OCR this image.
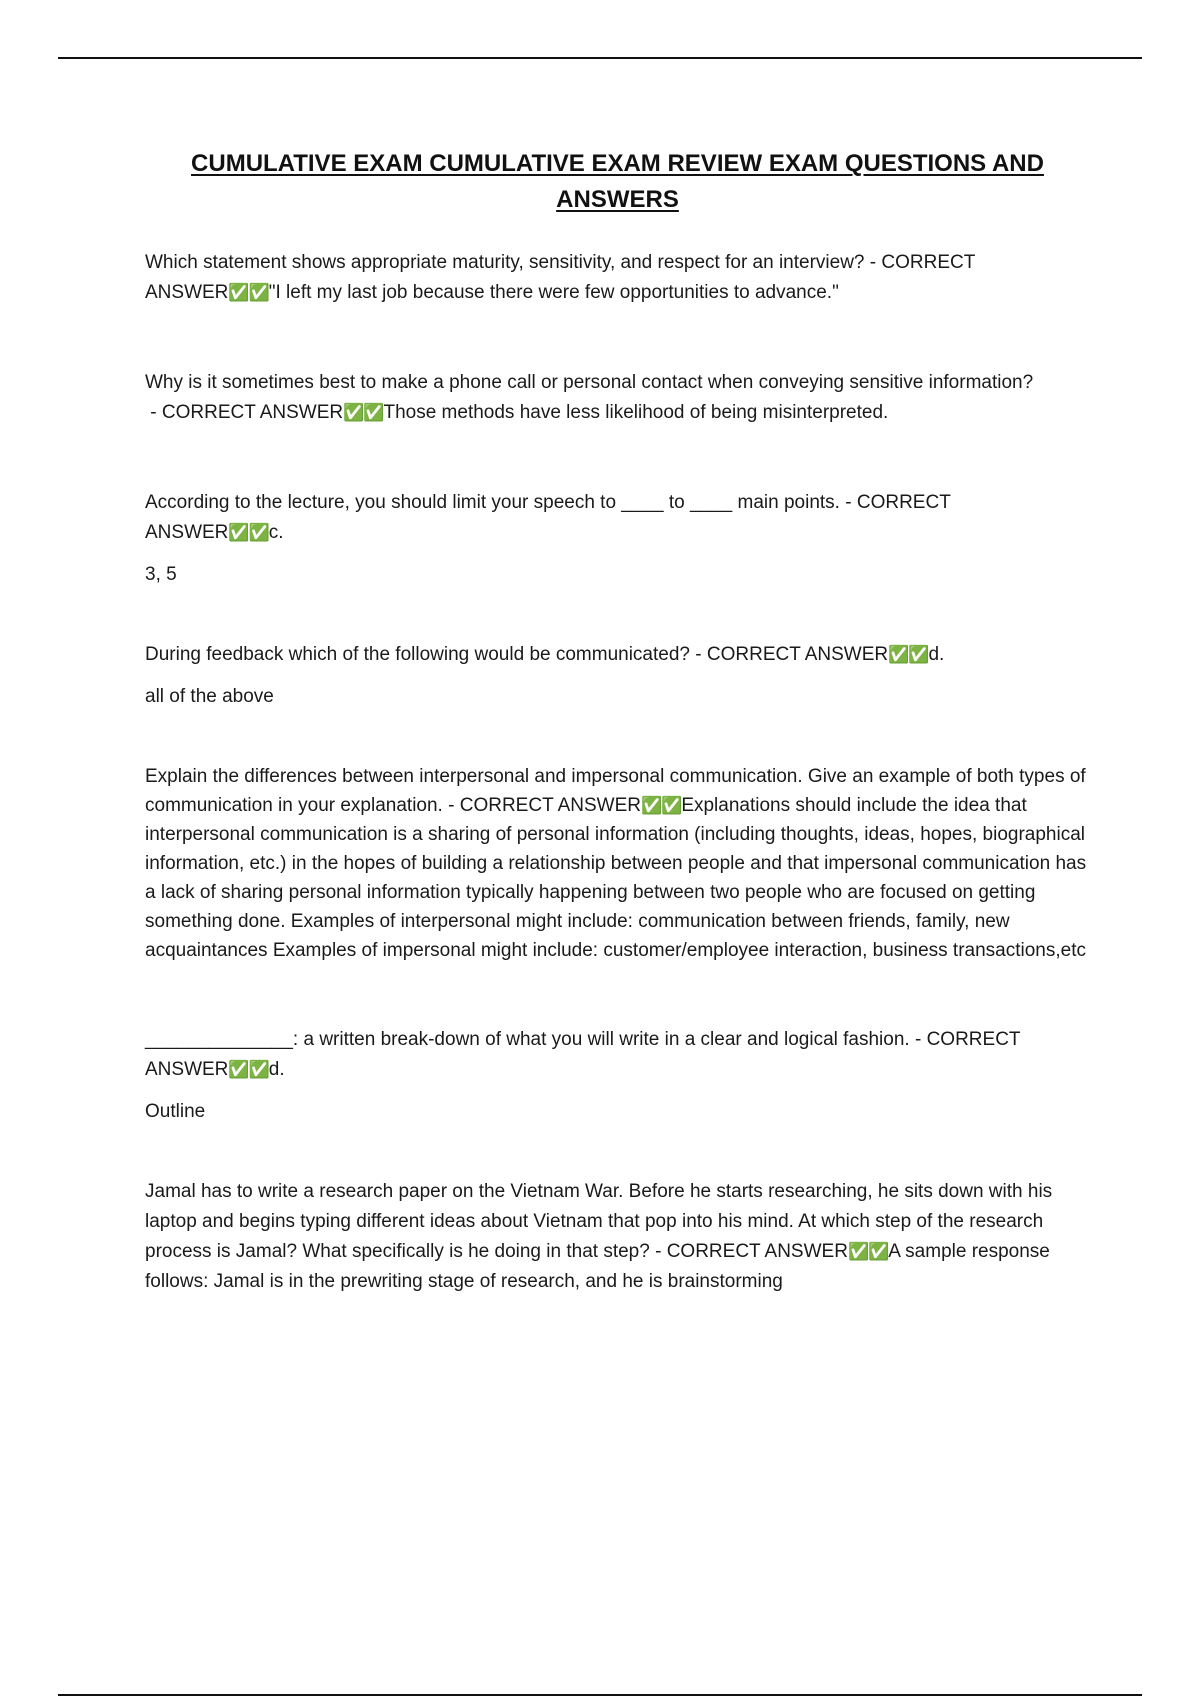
CUMULATIVE EXAM CUMULATIVE EXAM REVIEW EXAM QUESTIONS AND ANSWERS

Which statement shows appropriate maturity, sensitivity, and respect for an interview? - CORRECT ANSWER✅✅"I left my last job because there were few opportunities to advance."

Why is it sometimes best to make a phone call or personal contact when conveying sensitive information? - CORRECT ANSWER✅✅Those methods have less likelihood of being misinterpreted.

According to the lecture, you should limit your speech to ____ to ____ main points. - CORRECT ANSWER✅✅c.

3, 5

During feedback which of the following would be communicated? - CORRECT ANSWER✅✅d.

all of the above

Explain the differences between interpersonal and impersonal communication. Give an example of both types of communication in your explanation. - CORRECT ANSWER✅✅Explanations should include the idea that interpersonal communication is a sharing of personal information (including thoughts, ideas, hopes, biographical information, etc.) in the hopes of building a relationship between people and that impersonal communication has a lack of sharing personal information typically happening between two people who are focused on getting something done. Examples of interpersonal might include: communication between friends, family, new acquaintances Examples of impersonal might include: customer/employee interaction, business transactions,etc

______________: a written break-down of what you will write in a clear and logical fashion. - CORRECT ANSWER✅✅d.

Outline

Jamal has to write a research paper on the Vietnam War. Before he starts researching, he sits down with his laptop and begins typing different ideas about Vietnam that pop into his mind. At which step of the research process is Jamal? What specifically is he doing in that step? - CORRECT ANSWER✅✅A sample response follows: Jamal is in the prewriting stage of research, and he is brainstorming
